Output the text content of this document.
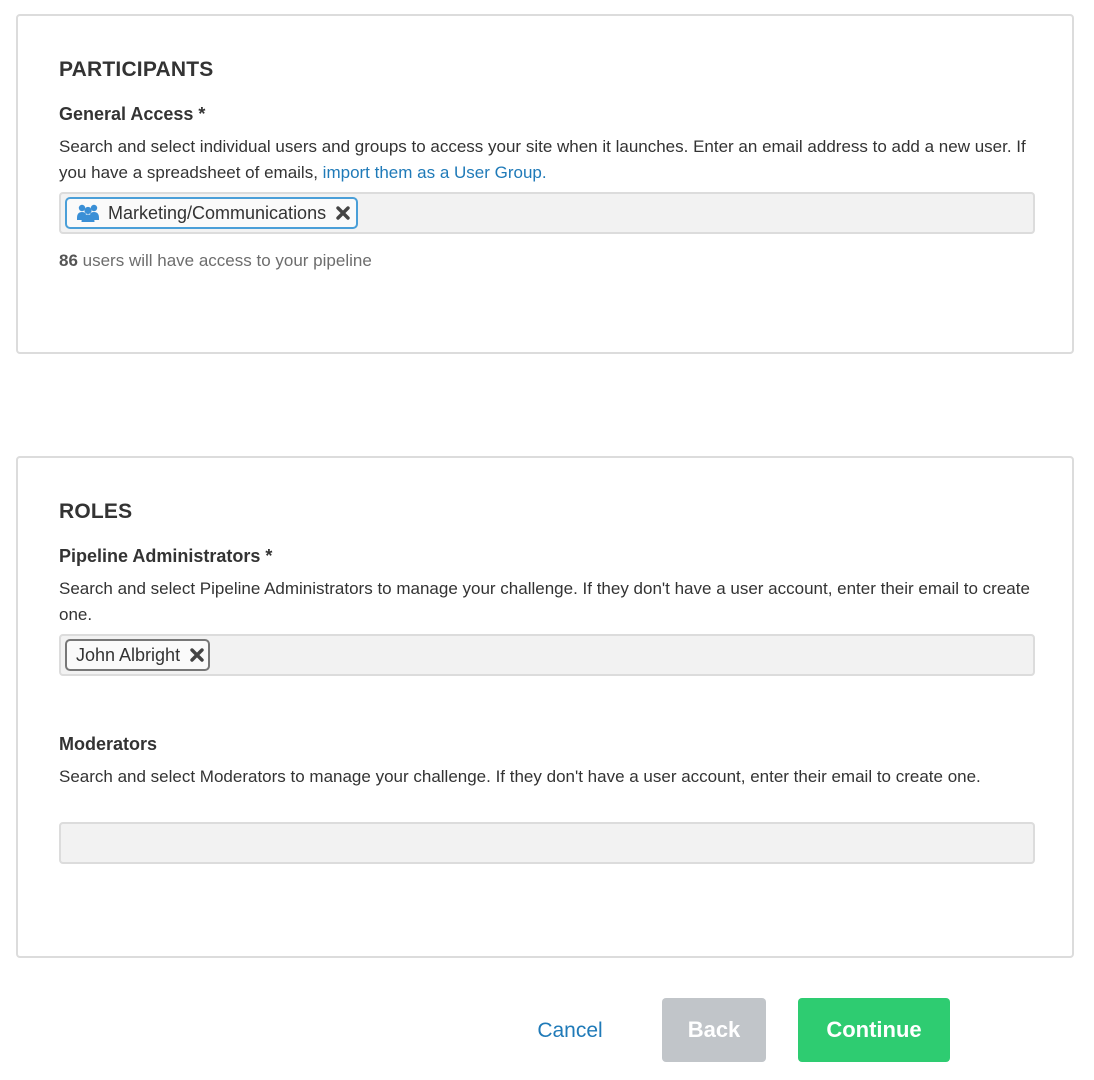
PARTICIPANTS
General Access *
Search and select individual users and groups to access your site when it launches. Enter an email address to add a new user. If you have a spreadsheet of emails, import them as a User Group.
Marketing/Communications
86 users will have access to your pipeline
ROLES
Pipeline Administrators *
Search and select Pipeline Administrators to manage your challenge. If they don't have a user account, enter their email to create one.
John Albright
Moderators
Search and select Moderators to manage your challenge. If they don't have a user account, enter their email to create one.
Cancel	Back	Continue
